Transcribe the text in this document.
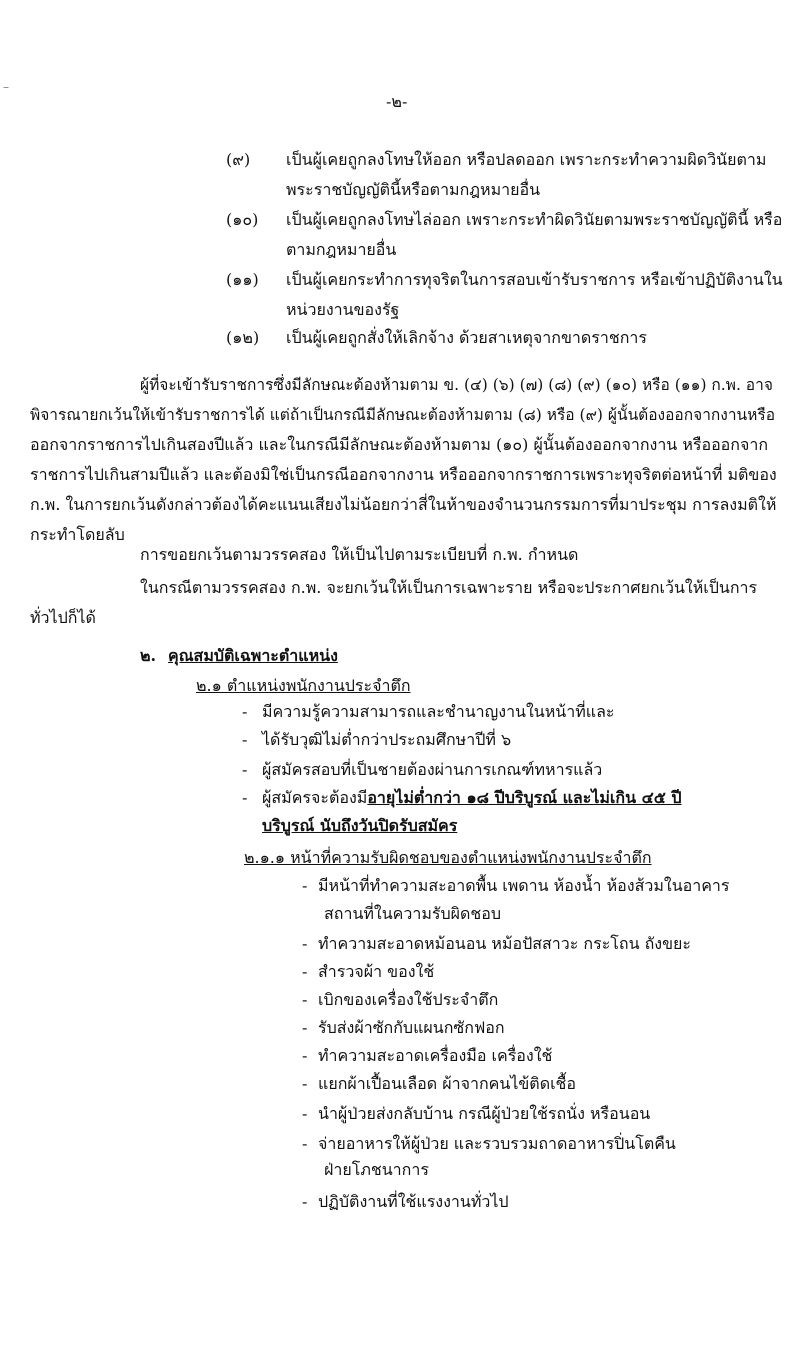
–
-๒-
(๙) เป็นผู้เคยถูกลงโทษให้ออก หรือปลดออก เพราะกระทำความผิดวินัยตาม
พระราชบัญญัตินี้หรือตามกฎหมายอื่น
(๑๐) เป็นผู้เคยถูกลงโทษไล่ออก เพราะกระทำผิดวินัยตามพระราชบัญญัตินี้ หรือ
ตามกฎหมายอื่น
(๑๑) เป็นผู้เคยกระทำการทุจริตในการสอบเข้ารับราชการ หรือเข้าปฏิบัติงานใน
หน่วยงานของรัฐ
(๑๒) เป็นผู้เคยถูกสั่งให้เลิกจ้าง ด้วยสาเหตุจากขาดราชการ
ผู้ที่จะเข้ารับราชการซึ่งมีลักษณะต้องห้ามตาม ข. (๔) (๖) (๗) (๘) (๙) (๑๐) หรือ (๑๑) ก.พ. อาจ
พิจารณายกเว้นให้เข้ารับราชการได้ แต่ถ้าเป็นกรณีมีลักษณะต้องห้ามตาม (๘) หรือ (๙) ผู้นั้นต้องออกจากงานหรือ
ออกจากราชการไปเกินสองปีแล้ว และในกรณีมีลักษณะต้องห้ามตาม (๑๐) ผู้นั้นต้องออกจากงาน หรือออกจาก
ราชการไปเกินสามปีแล้ว และต้องมิใช่เป็นกรณีออกจากงาน หรือออกจากราชการเพราะทุจริตต่อหน้าที่ มติของ
ก.พ. ในการยกเว้นดังกล่าวต้องได้คะแนนเสียงไม่น้อยกว่าสี่ในห้าของจำนวนกรรมการที่มาประชุม การลงมติให้
กระทำโดยลับ
การขอยกเว้นตามวรรคสอง ให้เป็นไปตามระเบียบที่ ก.พ. กำหนด
ในกรณีตามวรรคสอง ก.พ. จะยกเว้นให้เป็นการเฉพาะราย หรือจะประกาศยกเว้นให้เป็นการ
ทั่วไปก็ได้
๒. คุณสมบัติเฉพาะตำแหน่ง
๒.๑ ตำแหน่งพนักงานประจำตึก
- มีความรู้ความสามารถและชำนาญงานในหน้าที่และ
- ได้รับวุฒิไม่ต่ำกว่าประถมศึกษาปีที่ ๖
- ผู้สมัครสอบที่เป็นชายต้องผ่านการเกณฑ์ทหารแล้ว
- ผู้สมัครจะต้องมีอายุไม่ต่ำกว่า ๑๘ ปีบริบูรณ์ และไม่เกิน ๔๕ ปี
บริบูรณ์ นับถึงวันปิดรับสมัคร
๒.๑.๑ หน้าที่ความรับผิดชอบของตำแหน่งพนักงานประจำตึก
- มีหน้าที่ทำความสะอาดพื้น เพดาน ห้องน้ำ ห้องส้วมในอาคาร
สถานที่ในความรับผิดชอบ
- ทำความสะอาดหม้อนอน หม้อปัสสาวะ กระโถน ถังขยะ
- สำรวจผ้า ของใช้
- เบิกของเครื่องใช้ประจำตึก
- รับส่งผ้าซักกับแผนกซักฟอก
- ทำความสะอาดเครื่องมือ เครื่องใช้
- แยกผ้าเปื้อนเลือด ผ้าจากคนไข้ติดเชื้อ
- นำผู้ป่วยส่งกลับบ้าน กรณีผู้ป่วยใช้รถนั่ง หรือนอน
- จ่ายอาหารให้ผู้ป่วย และรวบรวมถาดอาหารปิ่นโตคืน
ฝ่ายโภชนาการ
- ปฏิบัติงานที่ใช้แรงงานทั่วไป
